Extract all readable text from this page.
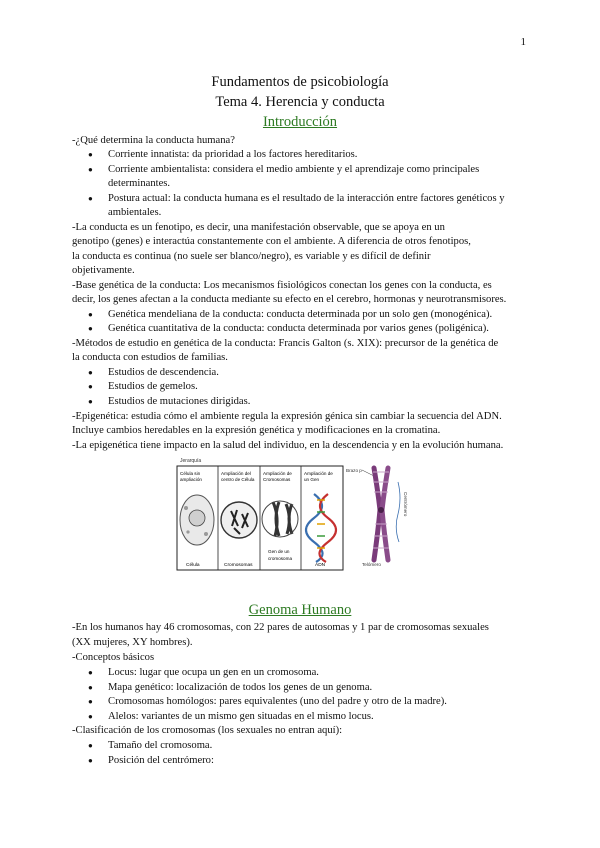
1
Fundamentos de psicobiología
Tema 4. Herencia y conducta
Introducción
-¿Qué determina la conducta humana?
● Corriente innatista: da prioridad a los factores hereditarios.
● Corriente ambientalista: considera el medio ambiente y el aprendizaje como principales
determinantes.
● Postura actual: la conducta humana es el resultado de la interacción entre factores genéticos y
ambientales.
-La conducta es un fenotipo, es decir, una manifestación observable, que se apoya en un
genotipo (genes) e interactúa constantemente con el ambiente. A diferencia de otros fenotipos,
la conducta es continua (no suele ser blanco/negro), es variable y es difícil de definir
objetivamente.
-Base genética de la conducta: Los mecanismos fisiológicos conectan los genes con la conducta, es
decir, los genes afectan a la conducta mediante su efecto en el cerebro, hormonas y neurotransmisores.
● Genética mendeliana de la conducta: conducta determinada por un solo gen (monogénica).
● Genética cuantitativa de la conducta: conducta determinada por varios genes (poligénica).
-Métodos de estudio en genética de la conducta: Francis Galton (s. XIX): precursor de la genética de
la conducta con estudios de familias.
● Estudios de descendencia.
● Estudios de gemelos.
● Estudios de mutaciones dirigidas.
-Epigenética: estudia cómo el ambiente regula la expresión génica sin cambiar la secuencia del ADN.
Incluye cambios heredables en la expresión genética y modificaciones en la cromatina.
-La epigenética tiene impacto en la salud del individuo, en la descendencia y en la evolución humana.
Jerarquía
Célula sin
ampliación
Ampliación del
centro de Célula
Ampliación de
Cromosomas
Ampliación de
un Gen
Célula	Cromosomas
Gen de un
cromosoma
ADN
Brazo p
Centrómero
Telómero
Genoma Humano
-En los humanos hay 46 cromosomas, con 22 pares de autosomas y 1 par de cromosomas sexuales
(XX mujeres, XY hombres).
-Conceptos básicos
● Locus: lugar que ocupa un gen en un cromosoma.
● Mapa genético: localización de todos los genes de un genoma.
● Cromosomas homólogos: pares equivalentes (uno del padre y otro de la madre).
● Alelos: variantes de un mismo gen situadas en el mismo locus.
-Clasificación de los cromosomas (los sexuales no entran aquí):
● Tamaño del cromosoma.
● Posición del centrómero:
